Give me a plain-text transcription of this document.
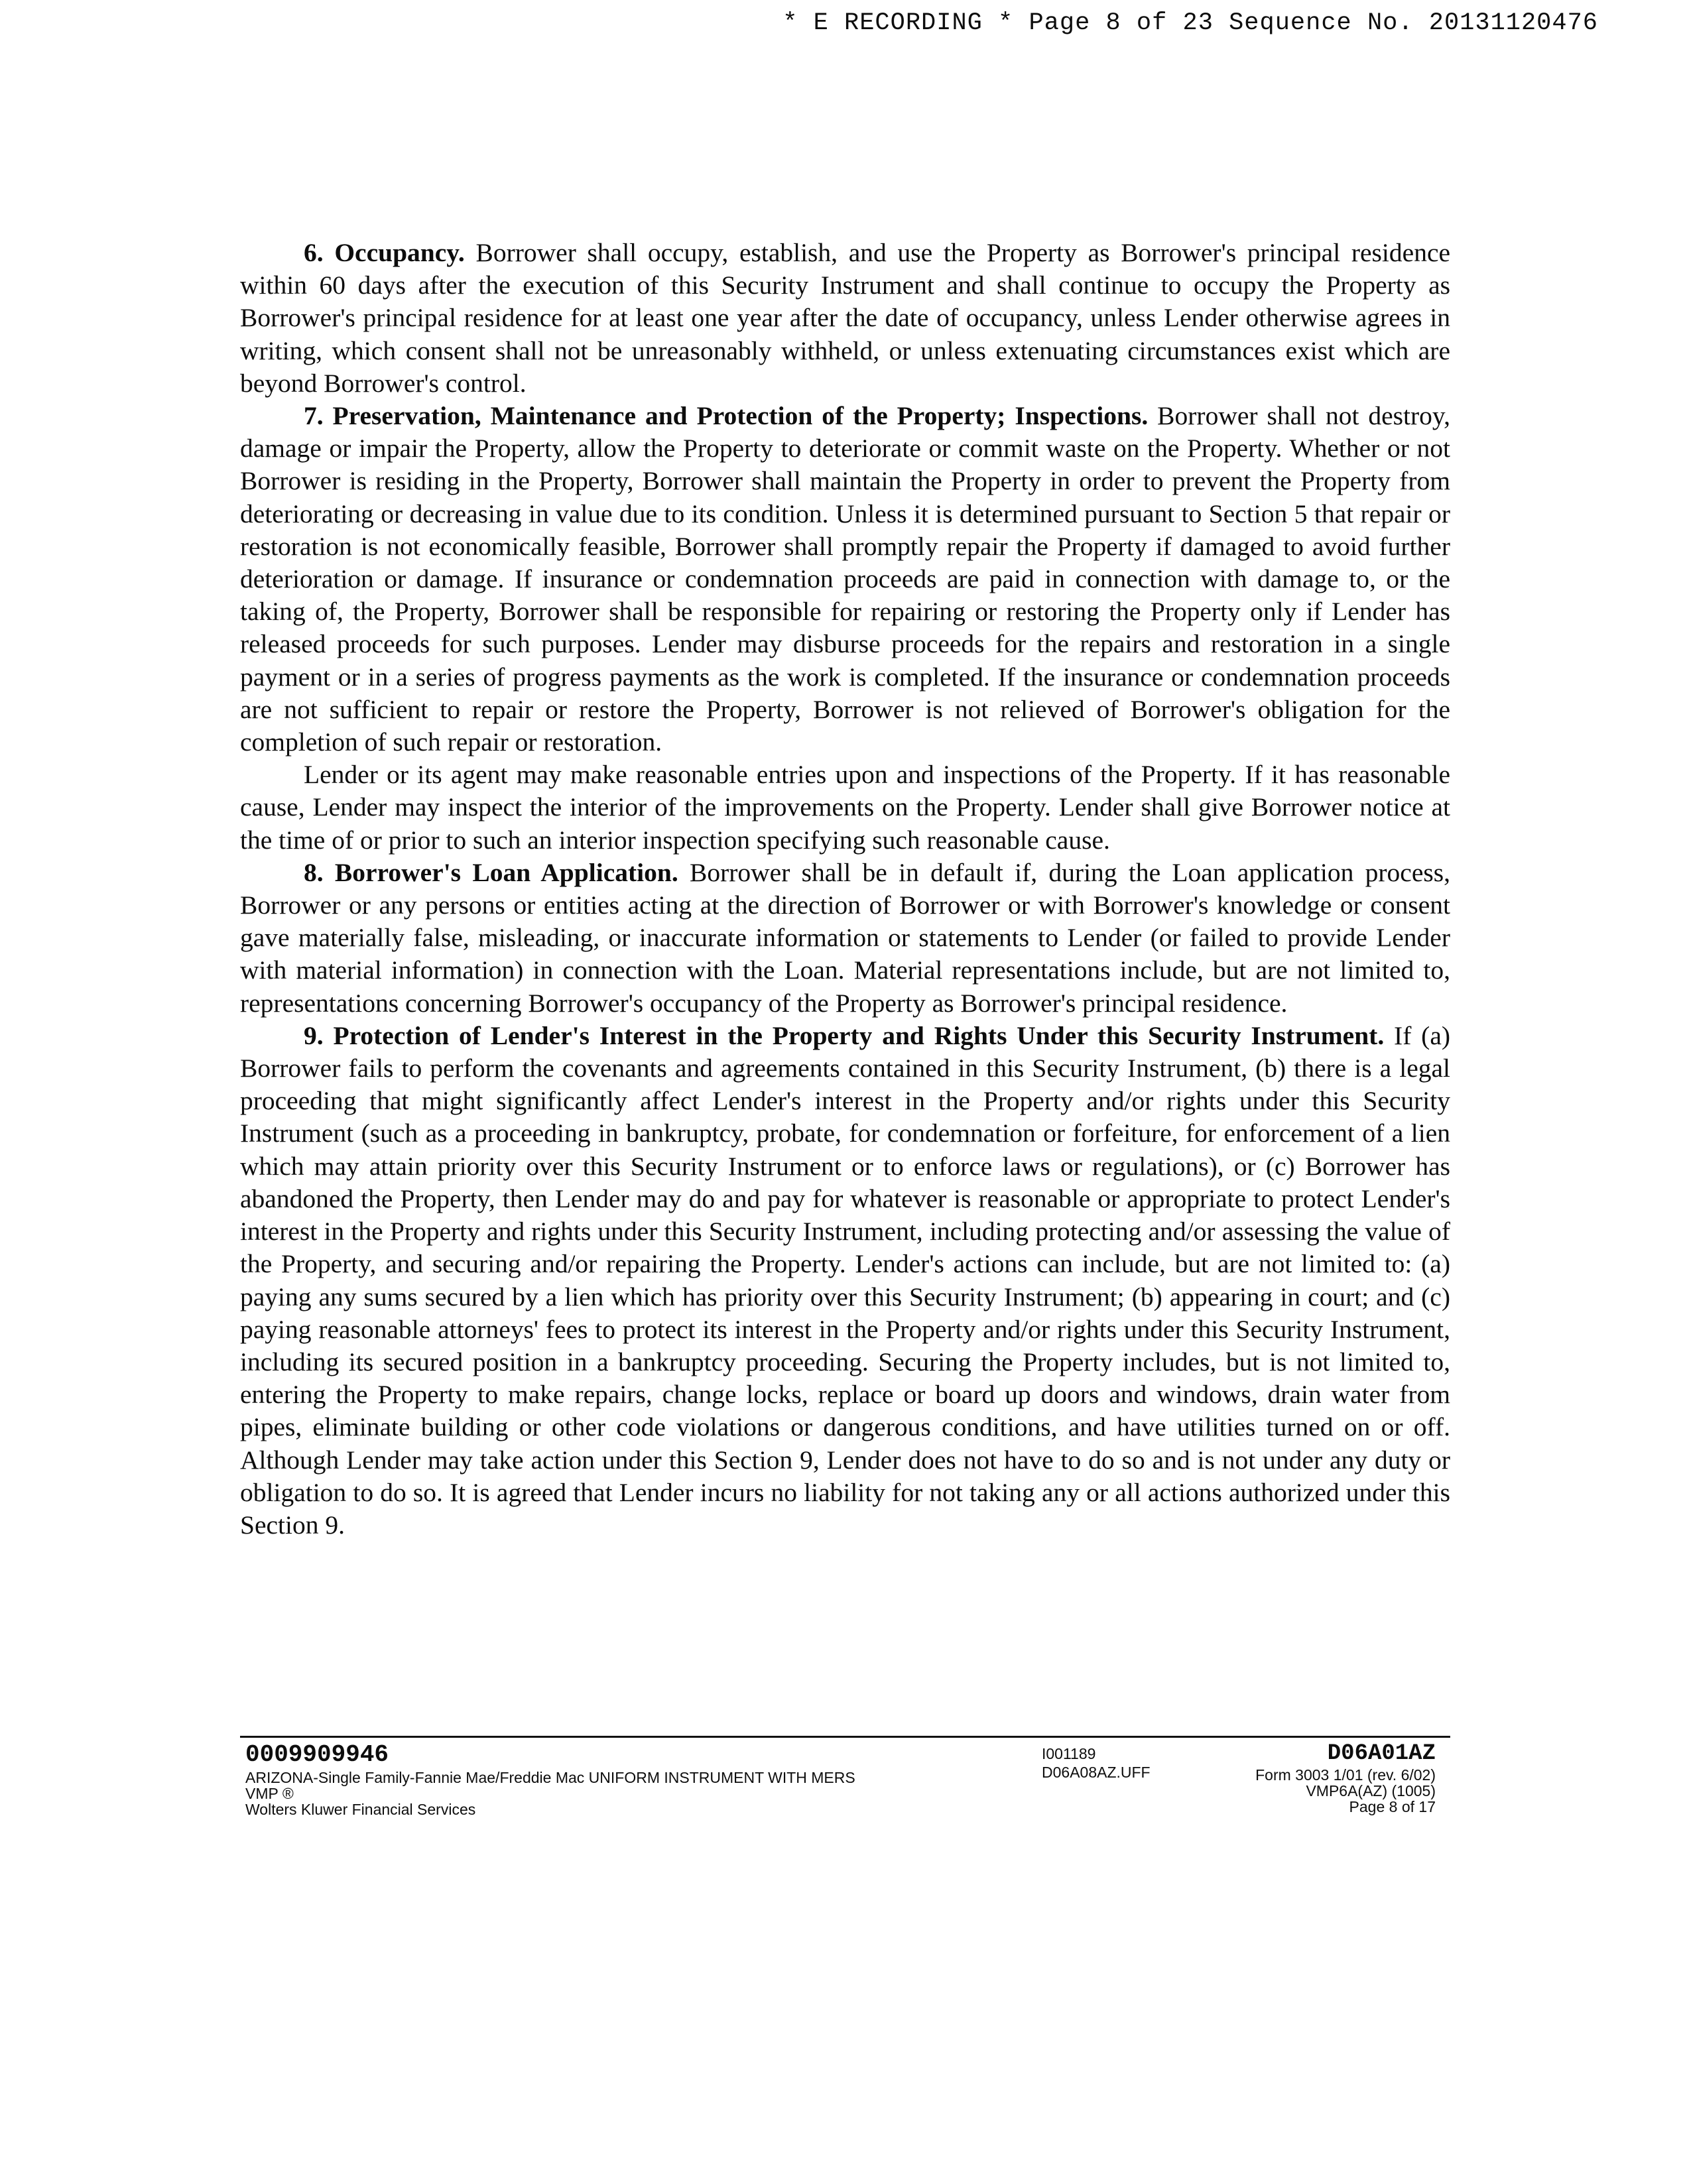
* E RECORDING * Page 8 of 23 Sequence No. 20131120476

6. Occupancy. Borrower shall occupy, establish, and use the Property as Borrower's principal residence within 60 days after the execution of this Security Instrument and shall continue to occupy the Property as Borrower's principal residence for at least one year after the date of occupancy, unless Lender otherwise agrees in writing, which consent shall not be unreasonably withheld, or unless extenuating circumstances exist which are beyond Borrower's control.

7. Preservation, Maintenance and Protection of the Property; Inspections. Borrower shall not destroy, damage or impair the Property, allow the Property to deteriorate or commit waste on the Property. Whether or not Borrower is residing in the Property, Borrower shall maintain the Property in order to prevent the Property from deteriorating or decreasing in value due to its condition. Unless it is determined pursuant to Section 5 that repair or restoration is not economically feasible, Borrower shall promptly repair the Property if damaged to avoid further deterioration or damage. If insurance or condemnation proceeds are paid in connection with damage to, or the taking of, the Property, Borrower shall be responsible for repairing or restoring the Property only if Lender has released proceeds for such purposes. Lender may disburse proceeds for the repairs and restoration in a single payment or in a series of progress payments as the work is completed. If the insurance or condemnation proceeds are not sufficient to repair or restore the Property, Borrower is not relieved of Borrower's obligation for the completion of such repair or restoration.

Lender or its agent may make reasonable entries upon and inspections of the Property. If it has reasonable cause, Lender may inspect the interior of the improvements on the Property. Lender shall give Borrower notice at the time of or prior to such an interior inspection specifying such reasonable cause.

8. Borrower's Loan Application. Borrower shall be in default if, during the Loan application process, Borrower or any persons or entities acting at the direction of Borrower or with Borrower's knowledge or consent gave materially false, misleading, or inaccurate information or statements to Lender (or failed to provide Lender with material information) in connection with the Loan. Material representations include, but are not limited to, representations concerning Borrower's occupancy of the Property as Borrower's principal residence.

9. Protection of Lender's Interest in the Property and Rights Under this Security Instrument. If (a) Borrower fails to perform the covenants and agreements contained in this Security Instrument, (b) there is a legal proceeding that might significantly affect Lender's interest in the Property and/or rights under this Security Instrument (such as a proceeding in bankruptcy, probate, for condemnation or forfeiture, for enforcement of a lien which may attain priority over this Security Instrument or to enforce laws or regulations), or (c) Borrower has abandoned the Property, then Lender may do and pay for whatever is reasonable or appropriate to protect Lender's interest in the Property and rights under this Security Instrument, including protecting and/or assessing the value of the Property, and securing and/or repairing the Property. Lender's actions can include, but are not limited to: (a) paying any sums secured by a lien which has priority over this Security Instrument; (b) appearing in court; and (c) paying reasonable attorneys' fees to protect its interest in the Property and/or rights under this Security Instrument, including its secured position in a bankruptcy proceeding. Securing the Property includes, but is not limited to, entering the Property to make repairs, change locks, replace or board up doors and windows, drain water from pipes, eliminate building or other code violations or dangerous conditions, and have utilities turned on or off. Although Lender may take action under this Section 9, Lender does not have to do so and is not under any duty or obligation to do so. It is agreed that Lender incurs no liability for not taking any or all actions authorized under this Section 9.

0009909946
ARIZONA-Single Family-Fannie Mae/Freddie Mac UNIFORM INSTRUMENT WITH MERS
VMP ®
Wolters Kluwer Financial Services
I001189
D06A08AZ.UFF
D06A01AZ
Form 3003 1/01 (rev. 6/02)
VMP6A(AZ) (1005)
Page 8 of 17
